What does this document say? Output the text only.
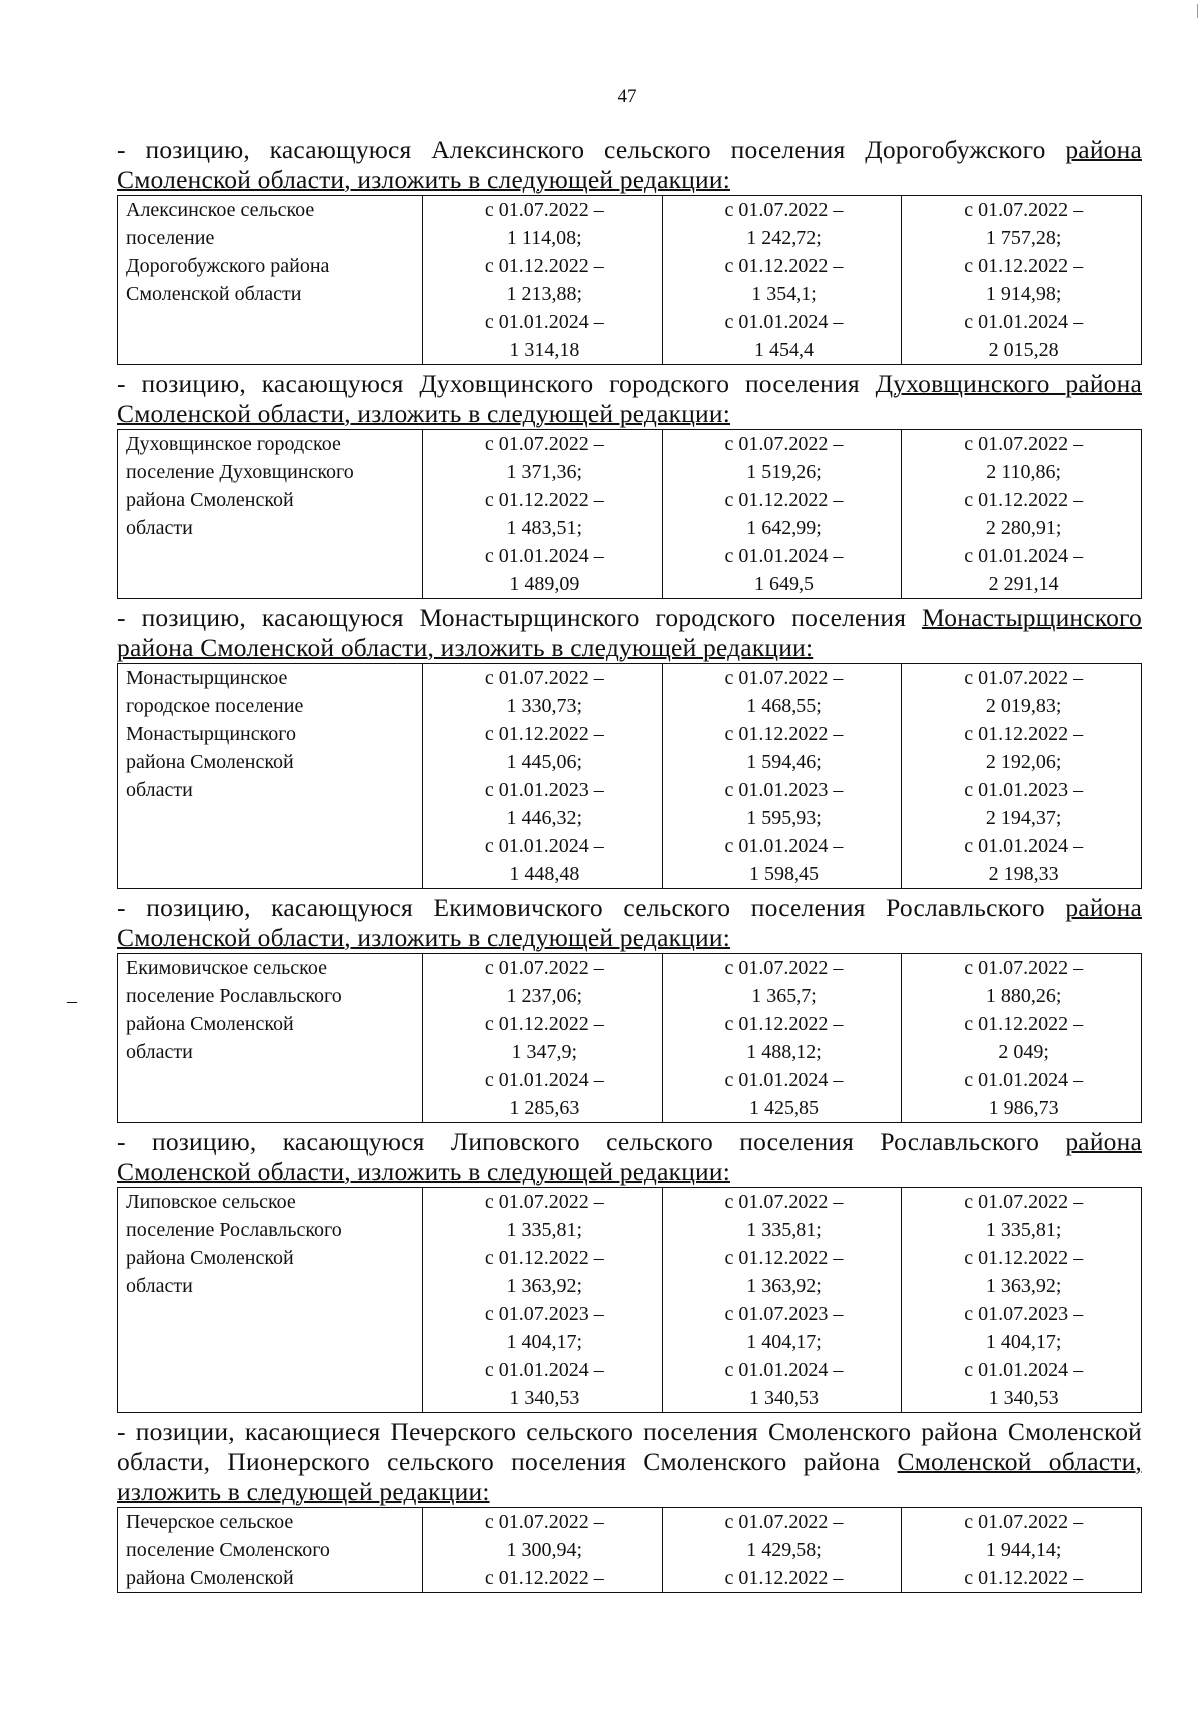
47
–

- позицию, касающуюся Алексинского сельского поселения Дорогобужского района Смоленской области, изложить в следующей редакции:

Алексинское сельское
поселение
Дорогобужского района
Смоленской области

с 01.07.2022 –
1 114,08;
с 01.12.2022 –
1 213,88;
с 01.01.2024 –
1 314,18

с 01.07.2022 –
1 242,72;
с 01.12.2022 –
1 354,1;
с 01.01.2024 –
1 454,4

с 01.07.2022 –
1 757,28;
с 01.12.2022 –
1 914,98;
с 01.01.2024 –
2 015,28

- позицию, касающуюся Духовщинского городского поселения Духовщинского района Смоленской области, изложить в следующей редакции:

Духовщинское городское
поселение Духовщинского
района Смоленской
области

с 01.07.2022 –
1 371,36;
с 01.12.2022 –
1 483,51;
с 01.01.2024 –
1 489,09

с 01.07.2022 –
1 519,26;
с 01.12.2022 –
1 642,99;
с 01.01.2024 –
1 649,5

с 01.07.2022 –
2 110,86;
с 01.12.2022 –
2 280,91;
с 01.01.2024 –
2 291,14

- позицию, касающуюся Монастырщинского городского поселения Монастырщинского района Смоленской области, изложить в следующей редакции:

Монастырщинское
городское поселение
Монастырщинского
района Смоленской
области

с 01.07.2022 –
1 330,73;
с 01.12.2022 –
1 445,06;
с 01.01.2023 –
1 446,32;
с 01.01.2024 –
1 448,48

с 01.07.2022 –
1 468,55;
с 01.12.2022 –
1 594,46;
с 01.01.2023 –
1 595,93;
с 01.01.2024 –
1 598,45

с 01.07.2022 –
2 019,83;
с 01.12.2022 –
2 192,06;
с 01.01.2023 –
2 194,37;
с 01.01.2024 –
2 198,33

- позицию, касающуюся Екимовичского сельского поселения Рославльского района Смоленской области, изложить в следующей редакции:

Екимовичское сельское
поселение Рославльского
района Смоленской
области

с 01.07.2022 –
1 237,06;
с 01.12.2022 –
1 347,9;
с 01.01.2024 –
1 285,63

с 01.07.2022 –
1 365,7;
с 01.12.2022 –
1 488,12;
с 01.01.2024 –
1 425,85

с 01.07.2022 –
1 880,26;
с 01.12.2022 –
2 049;
с 01.01.2024 –
1 986,73

- позицию, касающуюся Липовского сельского поселения Рославльского района Смоленской области, изложить в следующей редакции:

Липовское сельское
поселение Рославльского
района Смоленской
области

с 01.07.2022 –
1 335,81;
с 01.12.2022 –
1 363,92;
с 01.07.2023 –
1 404,17;
с 01.01.2024 –
1 340,53

с 01.07.2022 –
1 335,81;
с 01.12.2022 –
1 363,92;
с 01.07.2023 –
1 404,17;
с 01.01.2024 –
1 340,53

с 01.07.2022 –
1 335,81;
с 01.12.2022 –
1 363,92;
с 01.07.2023 –
1 404,17;
с 01.01.2024 –
1 340,53

- позиции, касающиеся Печерского сельского поселения Смоленского района Смоленской области, Пионерского сельского поселения Смоленского района Смоленской области, изложить в следующей редакции:

Печерское сельское
поселение Смоленского
района Смоленской

с 01.07.2022 –
1 300,94;
с 01.12.2022 –

с 01.07.2022 –
1 429,58;
с 01.12.2022 –

с 01.07.2022 –
1 944,14;
с 01.12.2022 –
